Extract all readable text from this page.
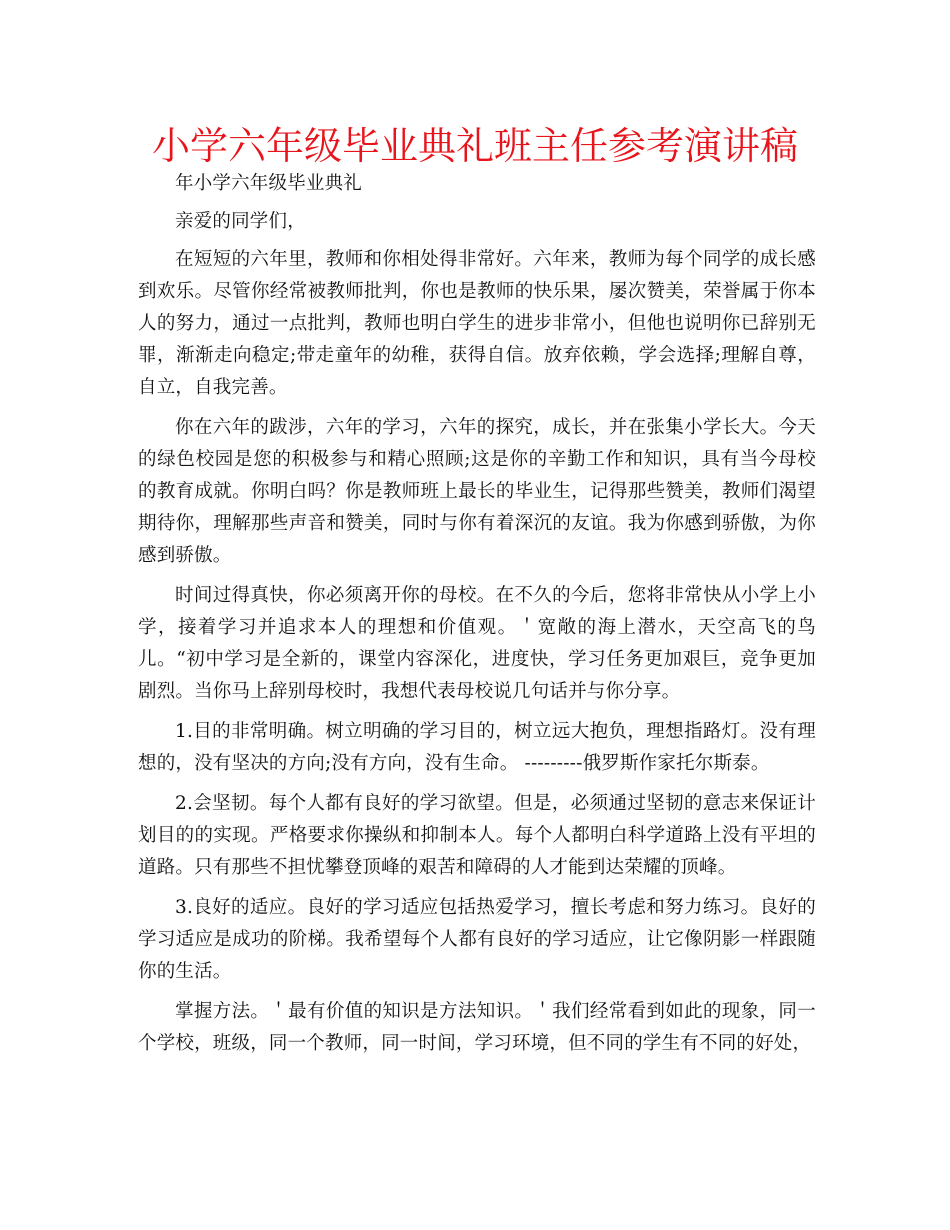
小学六年级毕业典礼班主任参考演讲稿

年小学六年级毕业典礼

亲爱的同学们，

在短短的六年里，教师和你相处得非常好。六年来，教师为每个同学的成长感到欢乐。尽管你经常被教师批判，你也是教师的快乐果，屡次赞美，荣誉属于你本人的努力，通过一点批判，教师也明白学生的进步非常小，但他也说明你已辞别无罪，渐渐走向稳定;带走童年的幼稚，获得自信。放弃依赖，学会选择;理解自尊，自立，自我完善。

你在六年的跋涉，六年的学习，六年的探究，成长，并在张集小学长大。今天的绿色校园是您的积极参与和精心照顾;这是你的辛勤工作和知识，具有当今母校的教育成就。你明白吗？你是教师班上最长的毕业生，记得那些赞美，教师们渴望期待你，理解那些声音和赞美，同时与你有着深沉的友谊。我为你感到骄傲，为你感到骄傲。

时间过得真快，你必须离开你的母校。在不久的今后，您将非常快从小学上小学，接着学习并追求本人的理想和价值观。＇宽敞的海上潜水，天空高飞的鸟儿。“初中学习是全新的，课堂内容深化，进度快，学习任务更加艰巨，竞争更加剧烈。当你马上辞别母校时，我想代表母校说几句话并与你分享。

1.目的非常明确。树立明确的学习目的，树立远大抱负，理想指路灯。没有理想的，没有坚决的方向;没有方向，没有生命。 ---------俄罗斯作家托尔斯泰。

2.会坚韧。每个人都有良好的学习欲望。但是，必须通过坚韧的意志来保证计划目的的实现。严格要求你操纵和抑制本人。每个人都明白科学道路上没有平坦的道路。只有那些不担忧攀登顶峰的艰苦和障碍的人才能到达荣耀的顶峰。

3.良好的适应。良好的学习适应包括热爱学习，擅长考虑和努力练习。良好的学习适应是成功的阶梯。我希望每个人都有良好的学习适应，让它像阴影一样跟随你的生活。

掌握方法。＇最有价值的知识是方法知识。＇我们经常看到如此的现象，同一个学校，班级，同一个教师，同一时间，学习环境，但不同的学生有不同的好处，
